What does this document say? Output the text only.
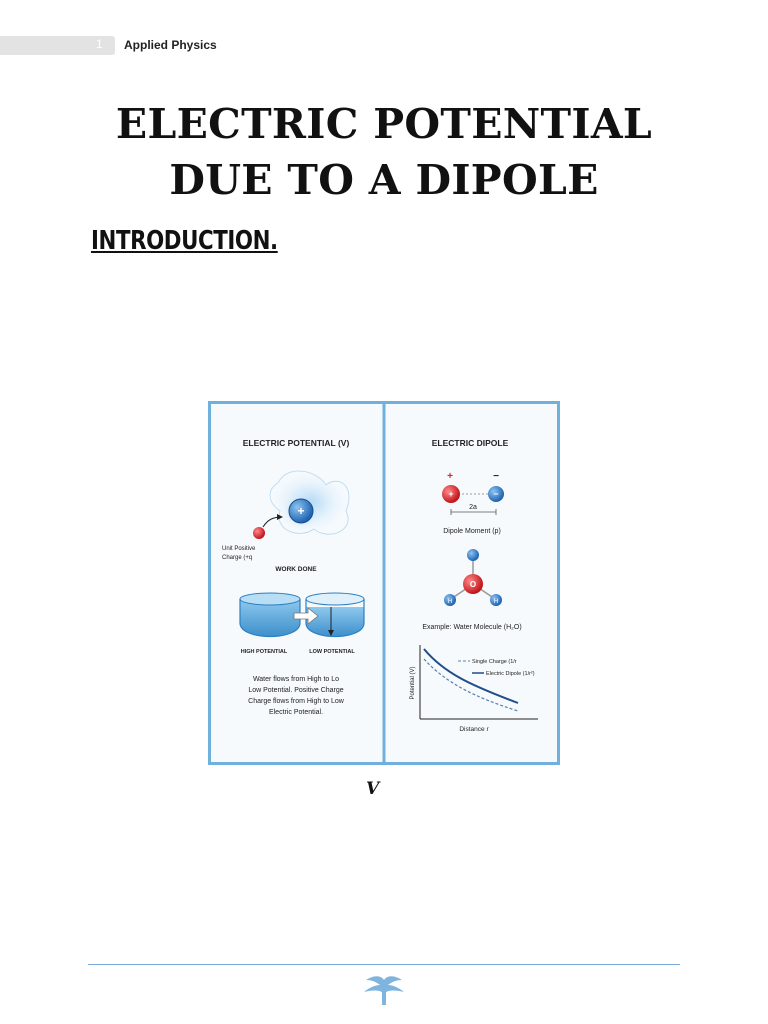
1 Applied Physics
ELECTRIC POTENTIAL DUE TO A DIPOLE
INTRODUCTION.
ELECTRIC POTENTIAL (V)
+
Unit Positive
Charge (+q
WORK DONE
HIGH POTENTIAL	LOW POTENTIAL
Water flows from High to Lo
Low Potential. Positive Charge
Charge flows from High to Low
Electric Potential.
ELECTRIC DIPOLE
+	−
+	−
2a
Dipole Moment (p)
O
H	H
Example: Water Molecule (H₂O)
Single Charge (1/r
Electric Dipole (1/r²)
Potential (V)
Distance r
V
